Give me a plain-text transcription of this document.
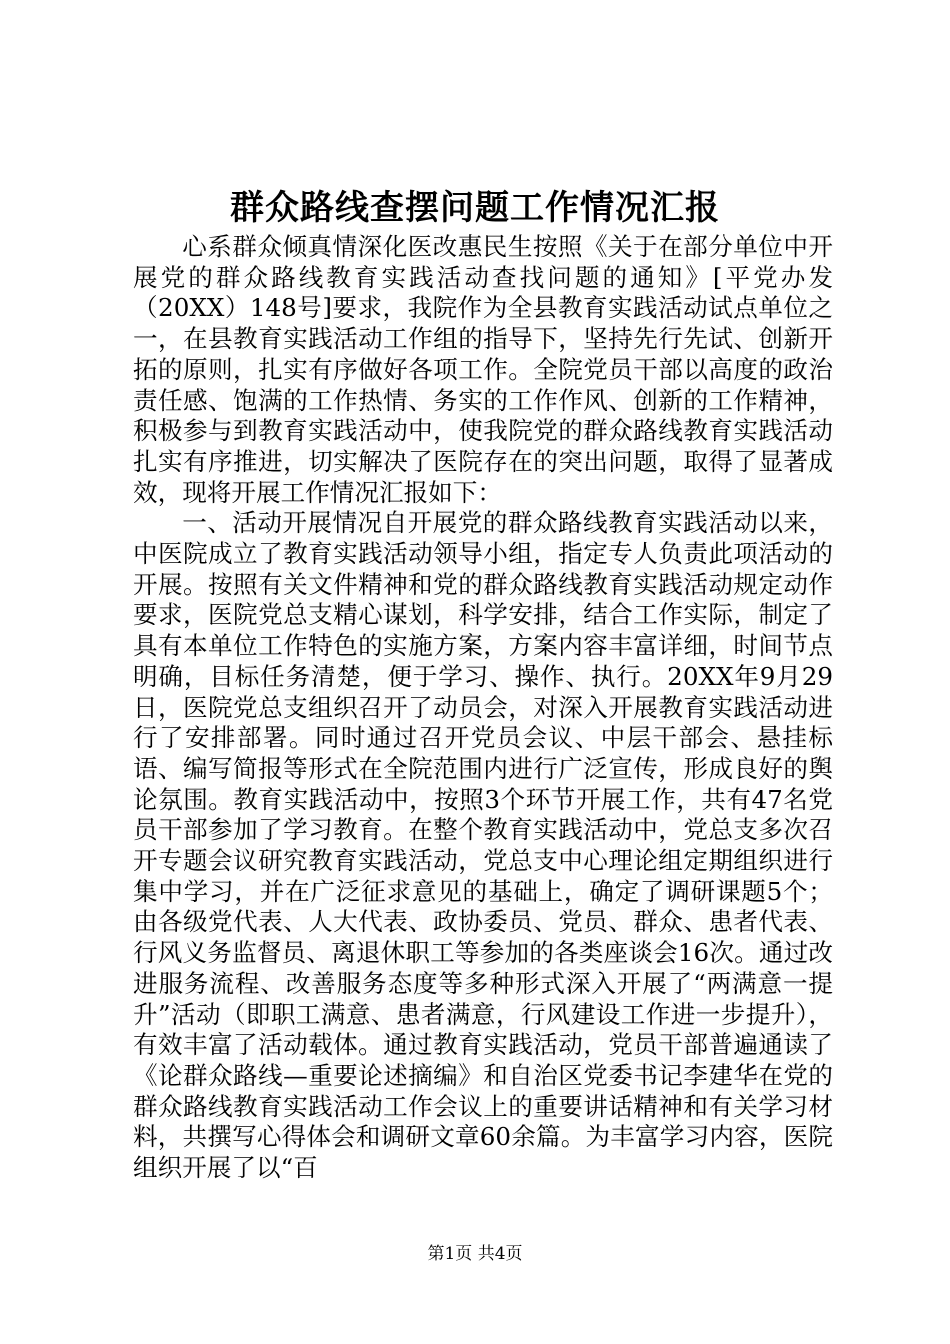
群众路线查摆问题工作情况汇报

心系群众倾真情深化医改惠民生按照《关于在部分单位中开展党的群众路线教育实践活动查找问题的通知》[平党办发（20XX）148号]要求，我院作为全县教育实践活动试点单位之一，在县教育实践活动工作组的指导下，坚持先行先试、创新开拓的原则，扎实有序做好各项工作。全院党员干部以高度的政治责任感、饱满的工作热情、务实的工作作风、创新的工作精神，积极参与到教育实践活动中，使我院党的群众路线教育实践活动扎实有序推进，切实解决了医院存在的突出问题，取得了显著成效，现将开展工作情况汇报如下：

一、活动开展情况自开展党的群众路线教育实践活动以来，中医院成立了教育实践活动领导小组，指定专人负责此项活动的开展。按照有关文件精神和党的群众路线教育实践活动规定动作要求，医院党总支精心谋划，科学安排，结合工作实际，制定了具有本单位工作特色的实施方案，方案内容丰富详细，时间节点明确，目标任务清楚，便于学习、操作、执行。20XX年9月29日，医院党总支组织召开了动员会，对深入开展教育实践活动进行了安排部署。同时通过召开党员会议、中层干部会、悬挂标语、编写简报等形式在全院范围内进行广泛宣传，形成良好的舆论氛围。教育实践活动中，按照3个环节开展工作，共有47名党员干部参加了学习教育。在整个教育实践活动中，党总支多次召开专题会议研究教育实践活动，党总支中心理论组定期组织进行集中学习，并在广泛征求意见的基础上，确定了调研课题5个；由各级党代表、人大代表、政协委员、党员、群众、患者代表、行风义务监督员、离退休职工等参加的各类座谈会16次。通过改进服务流程、改善服务态度等多种形式深入开展了“两满意一提升”活动（即职工满意、患者满意，行风建设工作进一步提升），有效丰富了活动载体。通过教育实践活动，党员干部普遍通读了《论群众路线—重要论述摘编》和自治区党委书记李建华在党的群众路线教育实践活动工作会议上的重要讲话精神和有关学习材料，共撰写心得体会和调研文章60余篇。为丰富学习内容，医院组织开展了以“百

第1页 共4页
